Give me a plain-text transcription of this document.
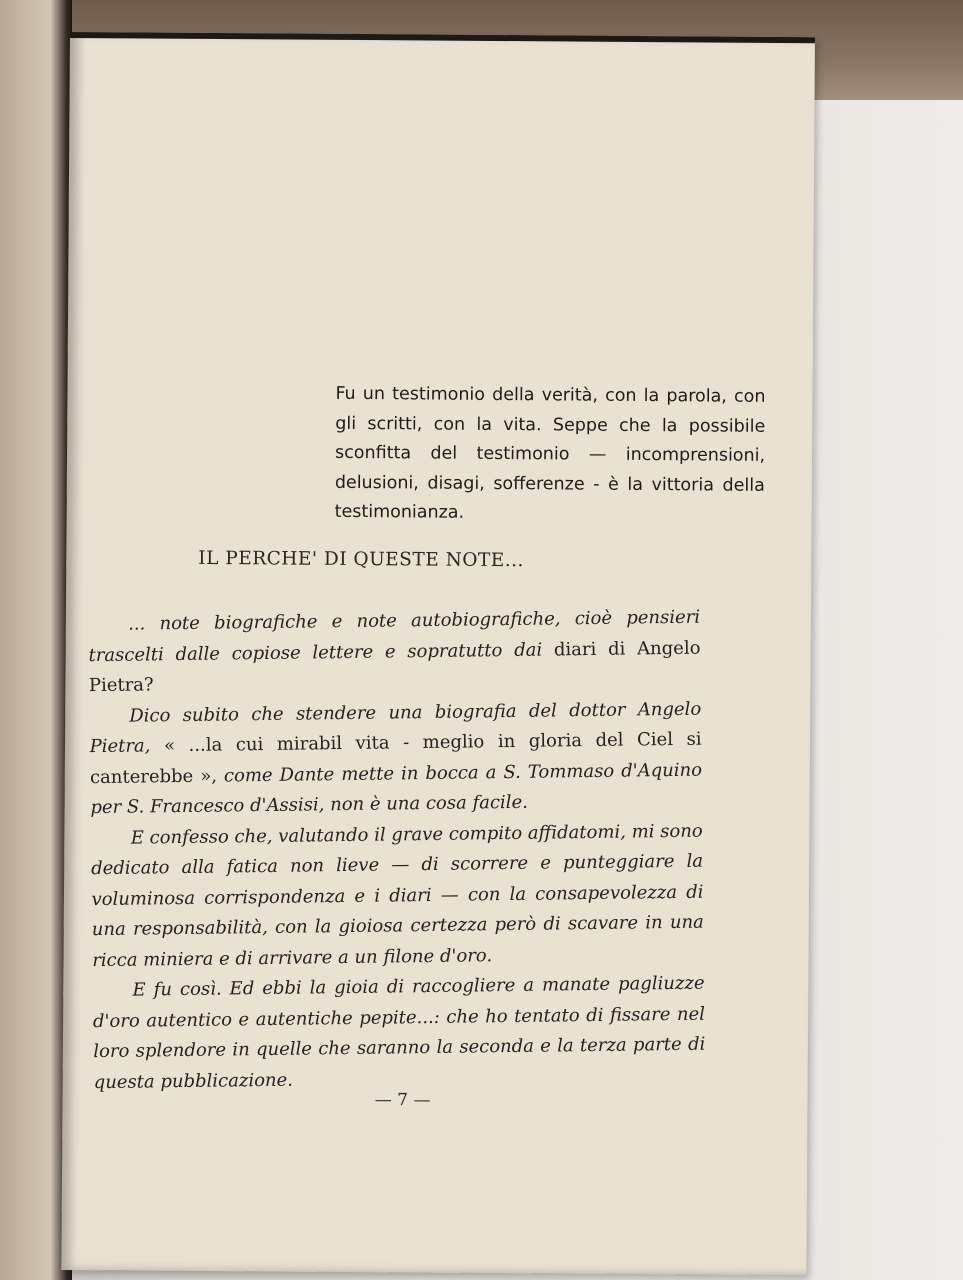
Fu un testimonio della verità, con la parola, con gli scritti, con la vita. Seppe che la possibile sconfitta del testimonio — incomprensioni, delusioni, disagi, sofferenze - è la vittoria della testimonianza.
IL PERCHE' DI QUESTE NOTE...

... note biografiche e note autobiografiche, cioè pensieri trascelti dalle copiose lettere e sopratutto dai diari di Angelo Pietra?

Dico subito che stendere una biografia del dottor Angelo Pietra, « ...la cui mirabil vita - meglio in gloria del Ciel si canterebbe », come Dante mette in bocca a S. Tommaso d'Aquino per S. Francesco d'Assisi, non è una cosa facile.

E confesso che, valutando il grave compito affidatomi, mi sono dedicato alla fatica non lieve — di scorrere e punteggiare la voluminosa corrispondenza e i diari — con la consapevolezza di una responsabilità, con la gioiosa certezza però di scavare in una ricca miniera e di arrivare a un filone d'oro.

E fu così. Ed ebbi la gioia di raccogliere a manate pagliuzze d'oro autentico e autentiche pepite...: che ho tentato di fissare nel loro splendore in quelle che saranno la seconda e la terza parte di questa pubblicazione.

— 7 —
